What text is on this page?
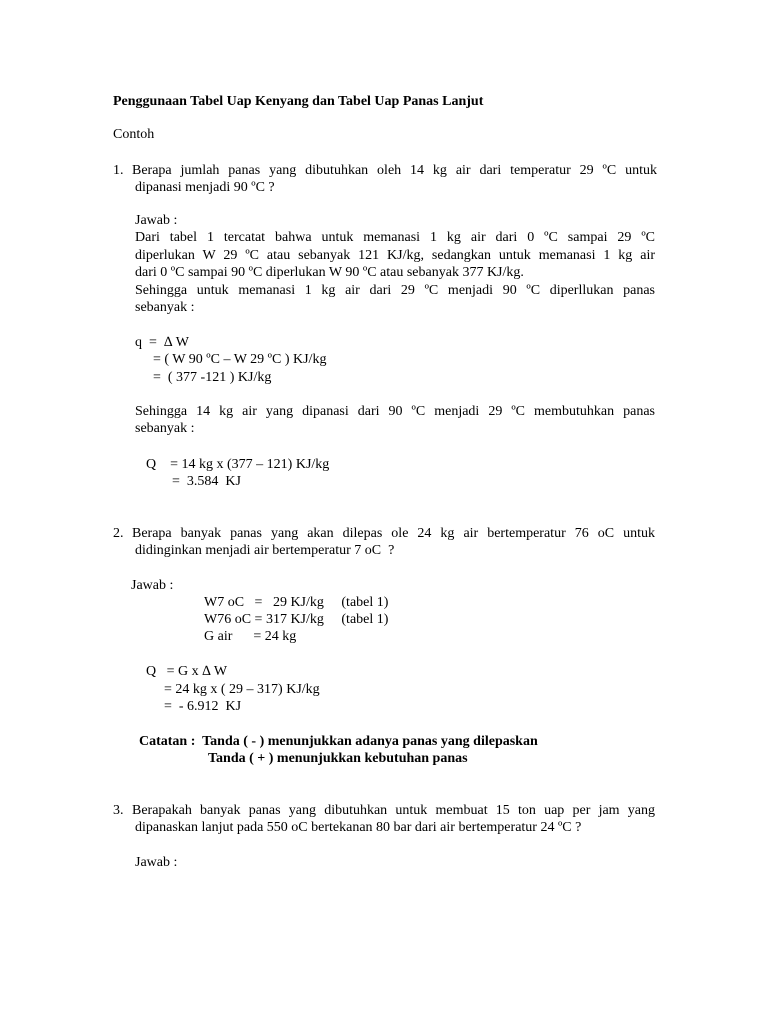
Penggunaan Tabel Uap Kenyang dan Tabel Uap Panas Lanjut
Contoh
1. Berapa jumlah panas yang dibutuhkan oleh 14 kg air dari temperatur 29 ºC untuk
dipanasi menjadi 90 ºC ?
Jawab :
Dari tabel 1 tercatat bahwa untuk memanasi 1 kg air dari 0 ºC sampai 29 ºC
diperlukan W 29 ºC atau sebanyak 121 KJ/kg, sedangkan untuk memanasi 1 kg air
dari 0 ºC sampai 90 ºC diperlukan W 90 ºC atau sebanyak 377 KJ/kg.
Sehingga untuk memanasi 1 kg air dari 29 ºC menjadi 90 ºC diperllukan panas
sebanyak :
q  =  ∆ W
= ( W 90 ºC – W 29 ºC ) KJ/kg
=  ( 377 -121 ) KJ/kg
Sehingga 14 kg air yang dipanasi dari 90 ºC menjadi 29 ºC membutuhkan panas
sebanyak :
Q    = 14 kg x (377 – 121) KJ/kg
=  3.584  KJ
2. Berapa banyak panas yang akan dilepas ole 24 kg air bertemperatur 76 oC untuk
didinginkan menjadi air bertemperatur 7 oC  ?
Jawab :
W7 oC   =   29 KJ/kg     (tabel 1)
W76 oC = 317 KJ/kg     (tabel 1)
G air      = 24 kg
Q   = G x ∆ W
= 24 kg x ( 29 – 317) KJ/kg
=  - 6.912  KJ
Catatan :  Tanda ( - ) menunjukkan adanya panas yang dilepaskan
Tanda ( + ) menunjukkan kebutuhan panas
3. Berapakah banyak panas yang dibutuhkan untuk membuat 15 ton uap per jam yang
dipanaskan lanjut pada 550 oC bertekanan 80 bar dari air bertemperatur 24 ºC ?
Jawab :
